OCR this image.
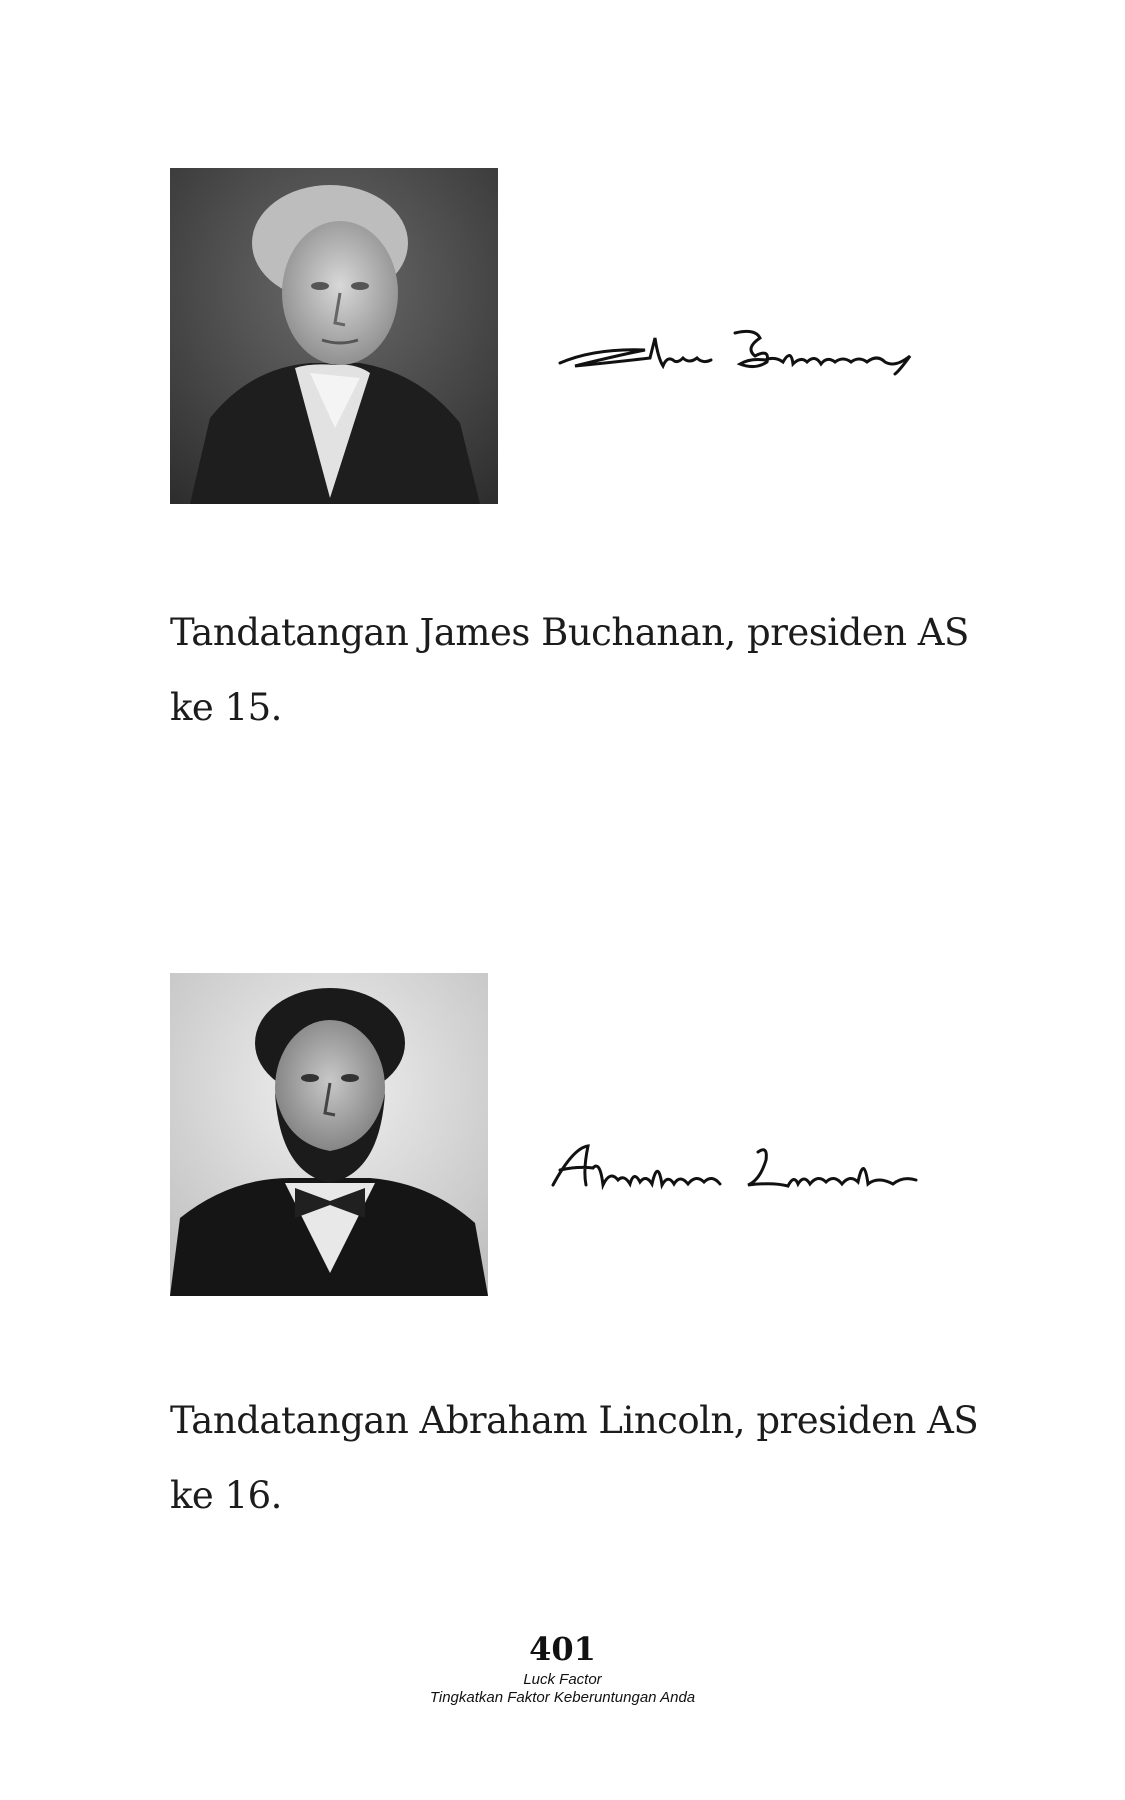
Tandatangan James Buchanan, presiden AS ke 15.

Tandatangan Abraham Lincoln, presiden AS ke 16.

401

Luck Factor

Tingkatkan Faktor Keberuntungan Anda
